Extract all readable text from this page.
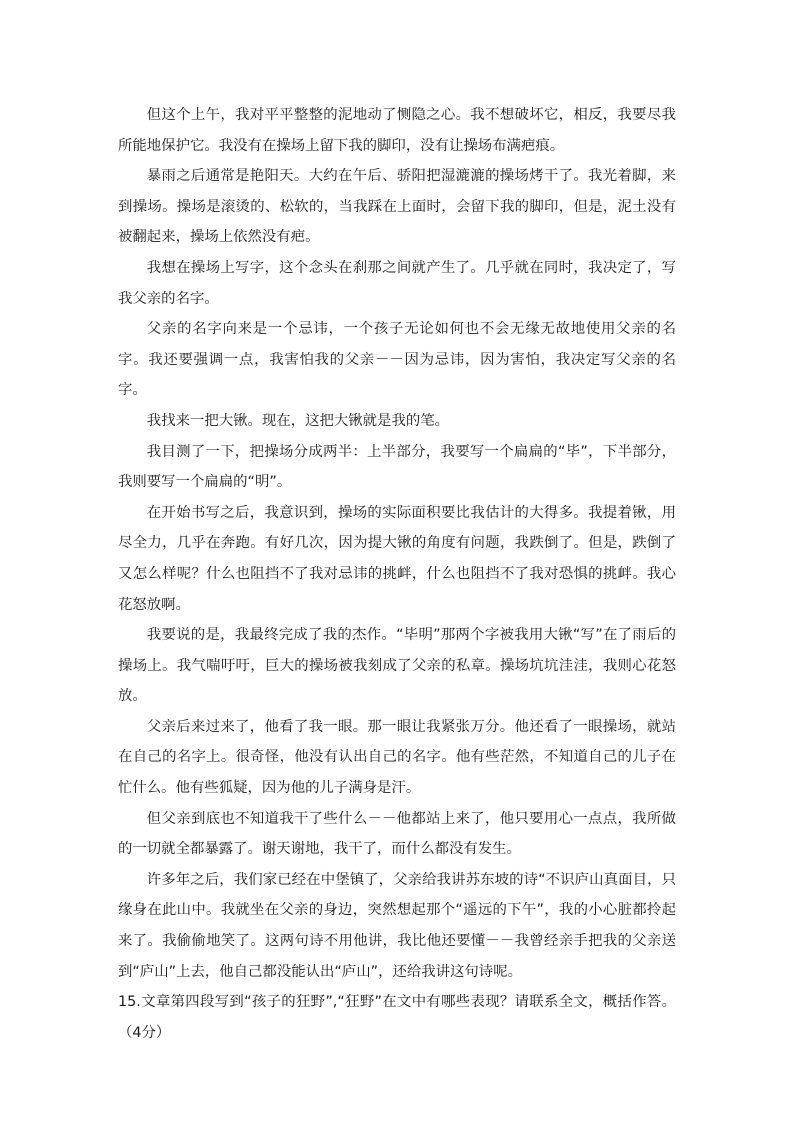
但这个上午，我对平平整整的泥地动了恻隐之心。我不想破坏它，相反，我要尽我所能地保护它。我没有在操场上留下我的脚印，没有让操场布满疤痕。

暴雨之后通常是艳阳天。大约在午后、骄阳把湿漉漉的操场烤干了。我光着脚，来到操场。操场是滚烫的、松软的，当我踩在上面时，会留下我的脚印，但是，泥土没有被翻起来，操场上依然没有疤。

我想在操场上写字，这个念头在刹那之间就产生了。几乎就在同时，我决定了，写我父亲的名字。

父亲的名字向来是一个忌讳，一个孩子无论如何也不会无缘无故地使用父亲的名字。我还要强调一点，我害怕我的父亲－－因为忌讳，因为害怕，我决定写父亲的名字。

我找来一把大锹。现在，这把大锹就是我的笔。

我目测了一下，把操场分成两半：上半部分，我要写一个扁扁的“毕”，下半部分，我则要写一个扁扁的“明”。

在开始书写之后，我意识到，操场的实际面积要比我估计的大得多。我提着锹，用尽全力，几乎在奔跑。有好几次，因为提大锹的角度有问题，我跌倒了。但是，跌倒了又怎么样呢？什么也阻挡不了我对忌讳的挑衅，什么也阻挡不了我对恐惧的挑衅。我心花怒放啊。

我要说的是，我最终完成了我的杰作。“毕明”那两个字被我用大锹“写”在了雨后的操场上。我气喘吁吁，巨大的操场被我刻成了父亲的私章。操场坑坑洼洼，我则心花怒放。

父亲后来过来了，他看了我一眼。那一眼让我紧张万分。他还看了一眼操场，就站在自己的名字上。很奇怪，他没有认出自己的名字。他有些茫然，不知道自己的儿子在忙什么。他有些狐疑，因为他的儿子满身是汗。

但父亲到底也不知道我干了些什么－－他都站上来了，他只要用心一点点，我所做的一切就全都暴露了。谢天谢地，我干了，而什么都没有发生。

许多年之后，我们家已经在中堡镇了，父亲给我讲苏东坡的诗“不识庐山真面目，只缘身在此山中。我就坐在父亲的身边，突然想起那个“遥远的下午”，我的小心脏都拎起来了。我偷偷地笑了。这两句诗不用他讲，我比他还要懂－－我曾经亲手把我的父亲送到“庐山”上去，他自己都没能认出“庐山”，还给我讲这句诗呢。

15.文章第四段写到“孩子的狂野”,“狂野”在文中有哪些表现？请联系全文，概括作答。（4分）
